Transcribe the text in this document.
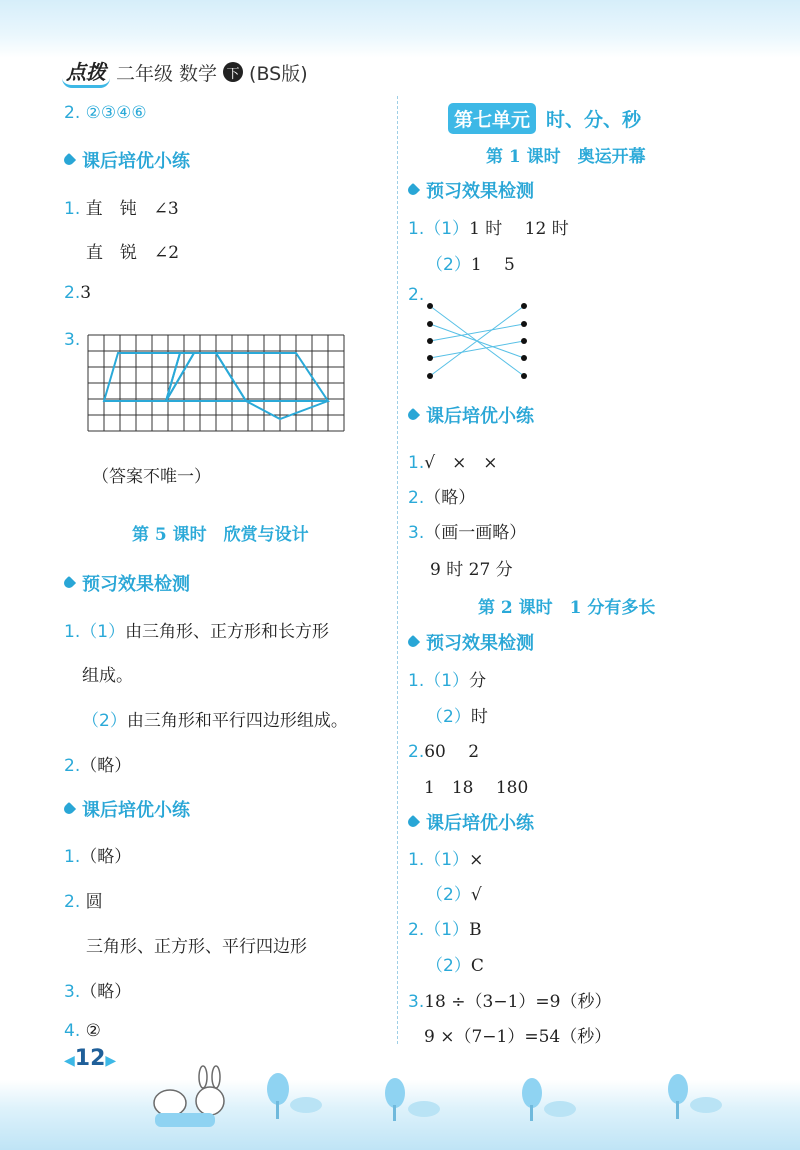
点拨 二年级 数学 下 (BS版)
2. ②③④⑥
课后培优小练
1. 直　钝　∠3
直　锐　∠2
2.3
3.
（答案不唯一）
第 5 课时　欣赏与设计
预习效果检测
1.（1）由三角形、正方形和长方形
组成。
（2）由三角形和平行四边形组成。
2.（略）
课后培优小练
1.（略）
2. 圆
三角形、正方形、平行四边形
3.（略）
4. ②
第七单元 时、分、秒
第 1 课时　奥运开幕
预习效果检测
1.（1）1 时　 12 时
（2）1　 5
2.
课后培优小练
1.√　×　×
2.（略）
3.（画一画略）
9 时 27 分
第 2 课时　1 分有多长
预习效果检测
1.（1）分
（2）时
2.60　 2
1　18　 180
课后培优小练
1.（1）×
（2）√
2.（1）B
（2）C
3.18 ÷（3−1）=9（秒）
9 ×（7−1）=54（秒）
◀12▶
